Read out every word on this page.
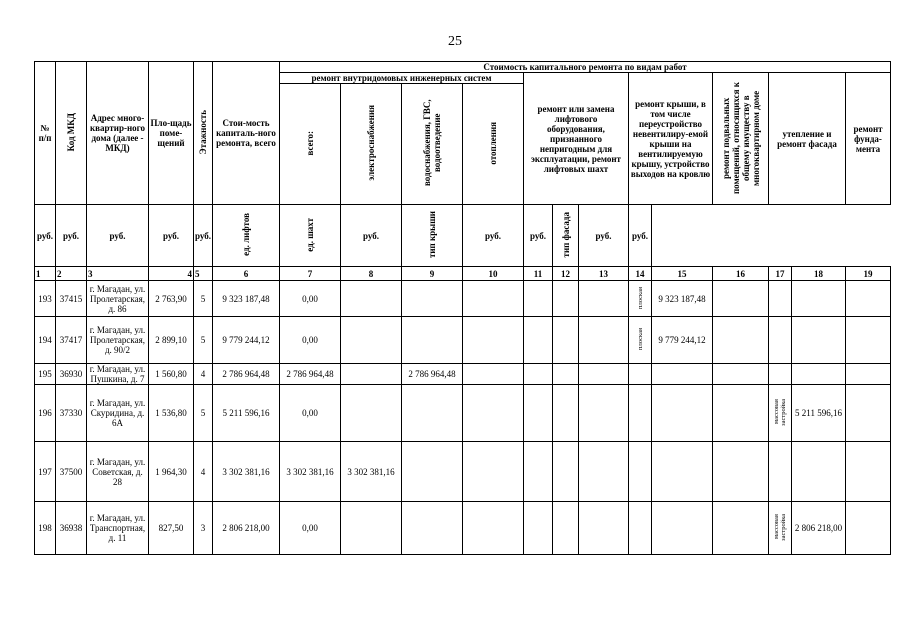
25
№ п/п	Код МКД	Адрес много-квартир-ного дома (далее - МКД)	Пло-щадь поме-щений	Этажность	Стои-мость капиталь-ного ремонта, всего	Стоимость капитального ремонта по видам работ												
						ремонт внутридомовых инженерных систем				ремонт или замена лифтового оборудования, признанного непригодным для эксплуатации, ремонт лифтовых шахт			ремонт крыши, в том числе переустройство невентилиру-емой крыши на вентилируемую крышу, устройство выходов на кровлю		ремонт подвальных помещений, относящихся к общему имуществу в многоквартирном доме	утепление и ремонт фасада		ремонт фунда-мента
						всего:	электроснабжения	водоснабжения, ГВС, водоотведение	отопления									
руб.	руб.	руб.	руб.	руб.	ед. лифтов	ед. шахт	руб.	тип крыши	руб.	руб.	тип фасада	руб.	руб.					
1	2	3	4	5	6	7	8	9	10	11	12	13	14	15	16	17	18	19
193	37415	г. Магадан, ул. Пролетарская, д. 86	2 763,90	5	9 323 187,48	0,00							плоская	9 323 187,48				
194	37417	г. Магадан, ул. Пролетарская, д. 90/2	2 899,10	5	9 779 244,12	0,00							плоская	9 779 244,12				
195	36930	г. Магадан, ул. Пушкина, д. 7	1 560,80	4	2 786 964,48	2 786 964,48		2 786 964,48										
196	37330	г. Магадан, ул. Скуридина, д. 6А	1 536,80	5	5 211 596,16	0,00										массовая застройка	5 211 596,16	
197	37500	г. Магадан, ул. Советская, д. 28	1 964,30	4	3 302 381,16	3 302 381,16	3 302 381,16											
198	36938	г. Магадан, ул. Транспортная, д. 11	827,50	3	2 806 218,00	0,00										массовая застройка	2 806 218,00	
